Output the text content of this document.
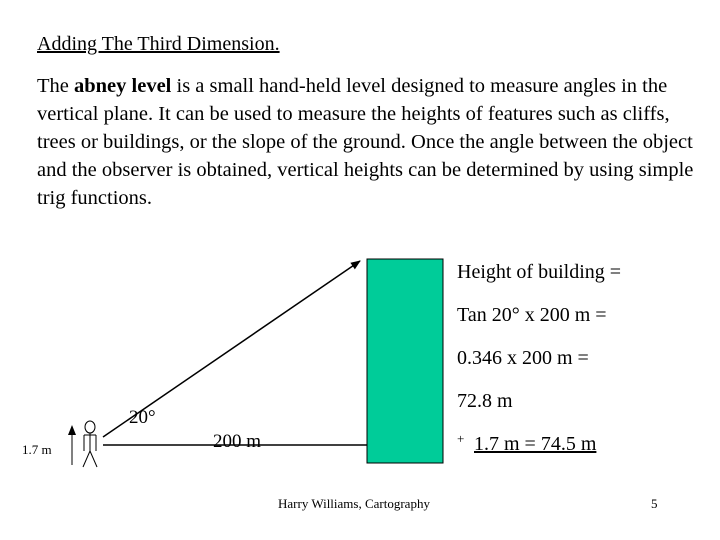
Adding The Third Dimension.
The abney level is a small hand-held level designed to measure angles in the vertical plane. It can be used to measure the heights of features such as cliffs, trees or buildings, or the slope of the ground. Once the angle between the object and the observer is obtained, vertical heights can be determined by using simple trig functions.
Height of building =
Tan 20° x 200 m =
0.346 x 200 m =
72.8 m
+ 1.7 m = 74.5 m
1.7 m
20°
200 m
Harry Williams, Cartography	5
